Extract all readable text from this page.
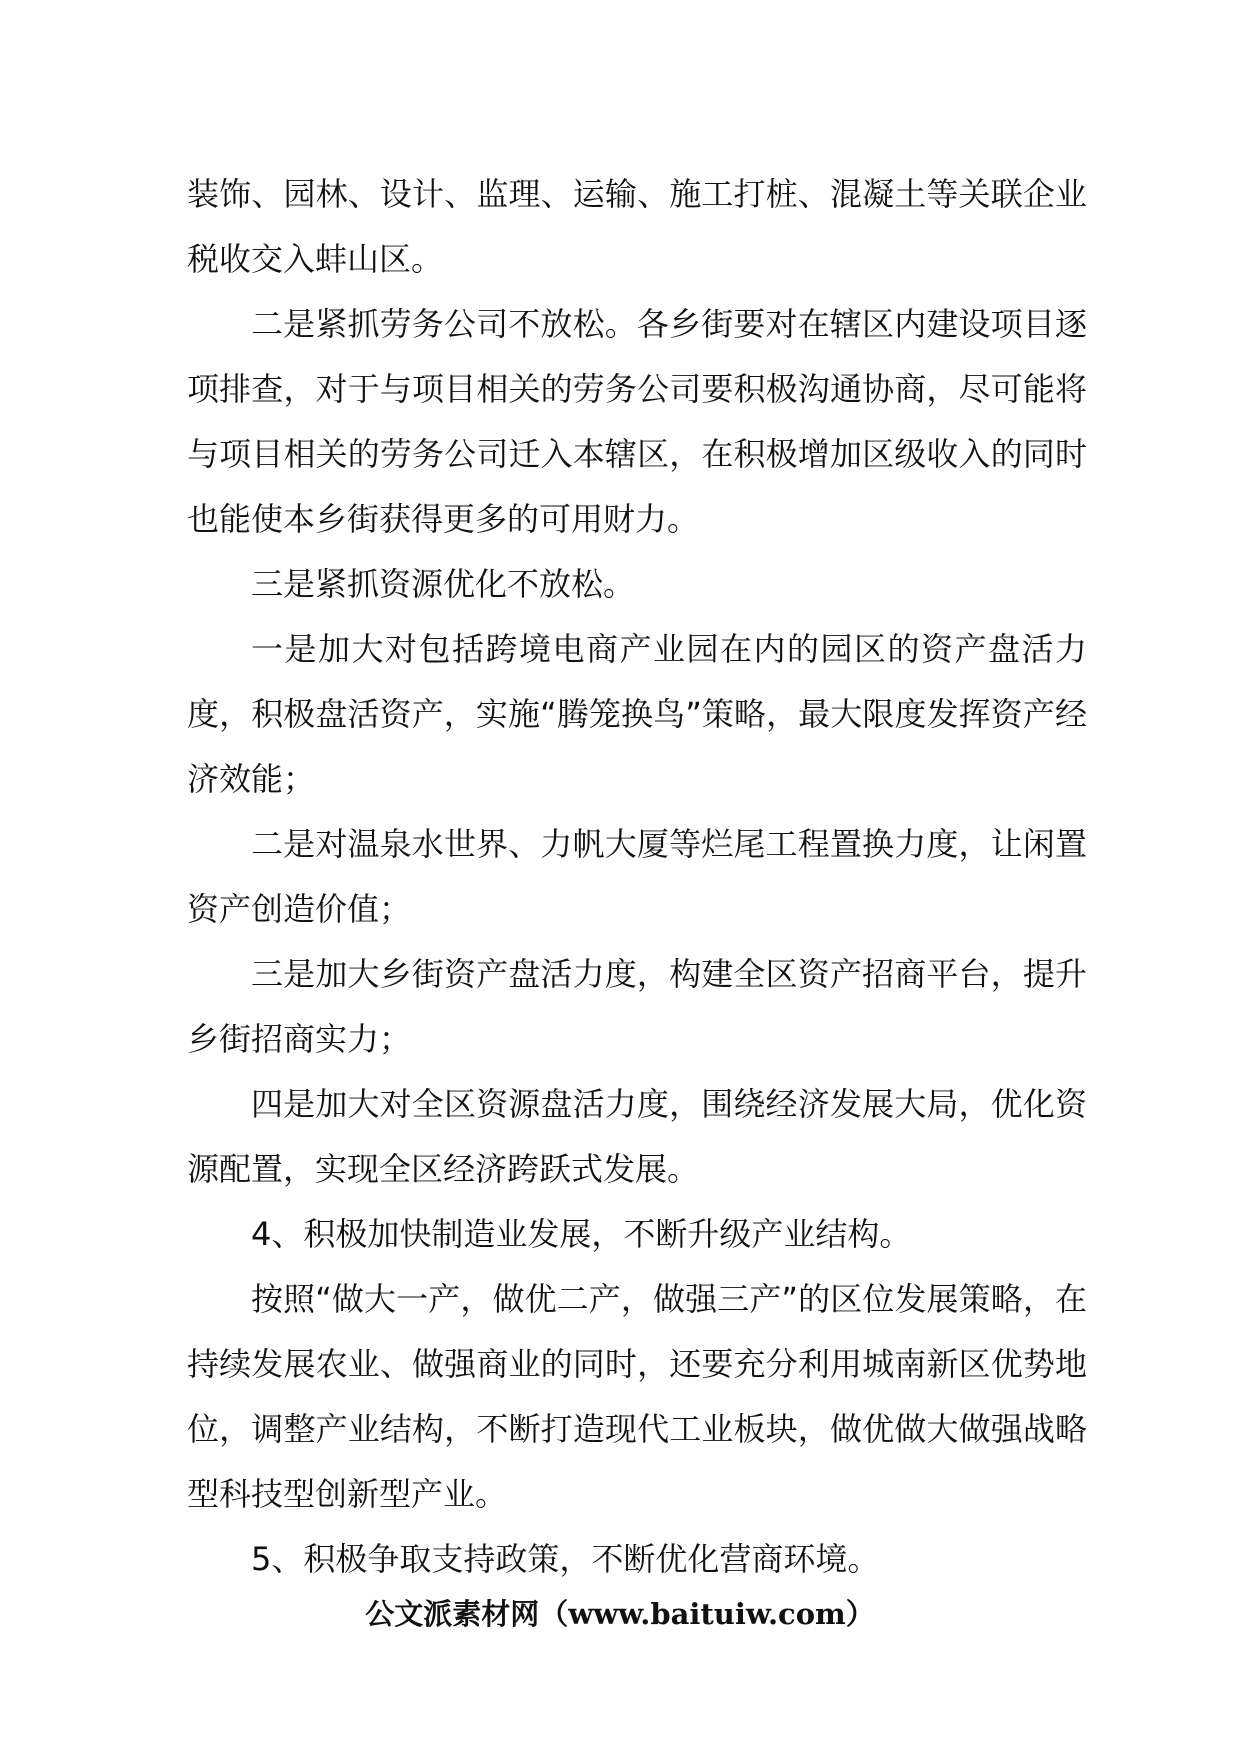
装饰、园林、设计、监理、运输、施工打桩、混凝土等关联企业税收交入蚌山区。

二是紧抓劳务公司不放松。各乡街要对在辖区内建设项目逐项排查，对于与项目相关的劳务公司要积极沟通协商，尽可能将与项目相关的劳务公司迁入本辖区，在积极增加区级收入的同时也能使本乡街获得更多的可用财力。

三是紧抓资源优化不放松。

一是加大对包括跨境电商产业园在内的园区的资产盘活力度，积极盘活资产，实施“腾笼换鸟”策略，最大限度发挥资产经济效能；

二是对温泉水世界、力帆大厦等烂尾工程置换力度，让闲置资产创造价值；

三是加大乡街资产盘活力度，构建全区资产招商平台，提升乡街招商实力；

四是加大对全区资源盘活力度，围绕经济发展大局，优化资源配置，实现全区经济跨跃式发展。

4、积极加快制造业发展，不断升级产业结构。

按照“做大一产，做优二产，做强三产”的区位发展策略，在持续发展农业、做强商业的同时，还要充分利用城南新区优势地位，调整产业结构，不断打造现代工业板块，做优做大做强战略型科技型创新型产业。

5、积极争取支持政策，不断优化营商环境。

公文派素材网（www.baituiw.com）
